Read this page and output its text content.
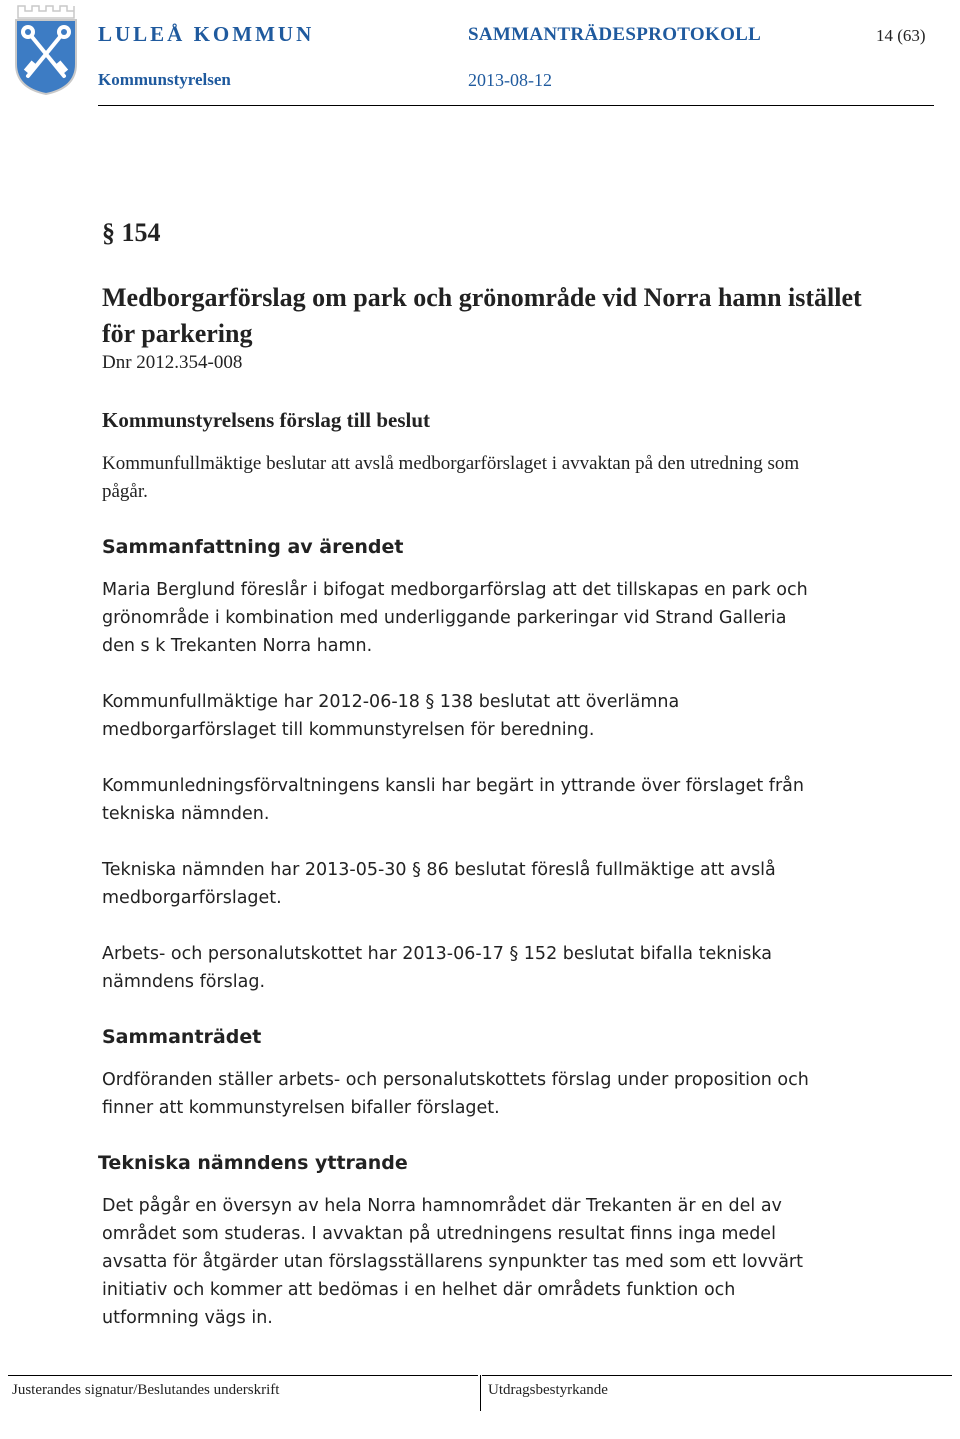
LULEÅ KOMMUN
Kommunstyrelsen
SAMMANTRÄDESPROTOKOLL
2013-08-12
14 (63)
§ 154
Medborgarförslag om park och grönområde vid Norra hamn istället för parkering
Dnr 2012.354-008
Kommunstyrelsens förslag till beslut
Kommunfullmäktige beslutar att avslå medborgarförslaget i avvaktan på den utredning som pågår.
Sammanfattning av ärendet
Maria Berglund föreslår i bifogat medborgarförslag att det tillskapas en park och grönområde i kombination med underliggande parkeringar vid Strand Galleria den s k Trekanten Norra hamn.
Kommunfullmäktige har 2012-06-18 § 138 beslutat att överlämna medborgarförslaget till kommunstyrelsen för beredning.
Kommunledningsförvaltningens kansli har begärt in yttrande över förslaget från tekniska nämnden.
Tekniska nämnden har 2013-05-30 § 86 beslutat föreslå fullmäktige att avslå medborgarförslaget.
Arbets- och personalutskottet har 2013-06-17 § 152 beslutat bifalla tekniska nämndens förslag.
Sammanträdet
Ordföranden ställer arbets- och personalutskottets förslag under proposition och finner att kommunstyrelsen bifaller förslaget.
Tekniska nämndens yttrande
Det pågår en översyn av hela Norra hamnområdet där Trekanten är en del av området som studeras. I avvaktan på utredningens resultat finns inga medel avsatta för åtgärder utan förslagsställarens synpunkter tas med som ett lovvärt initiativ och kommer att bedömas i en helhet där områdets funktion och utformning vägs in.
Justerandes signatur/Beslutandes underskrift	Utdragsbestyrkande
